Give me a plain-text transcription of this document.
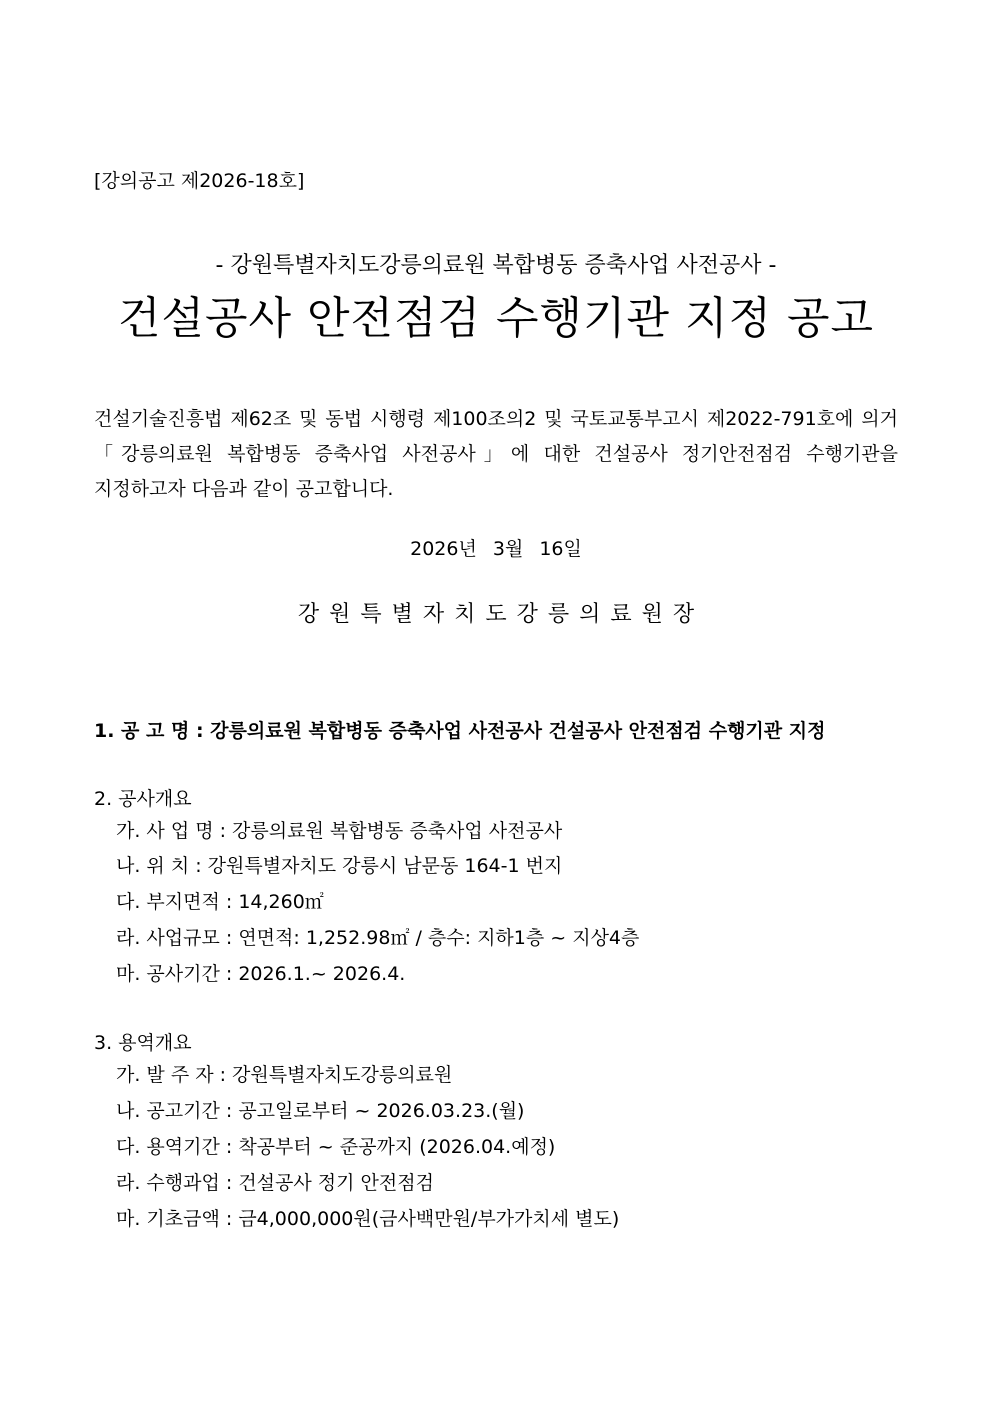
[강의공고 제2026-18호]
- 강원특별자치도강릉의료원 복합병동 증축사업 사전공사 -
건설공사 안전점검 수행기관 지정 공고
건설기술진흥법 제62조 및 동법 시행령 제100조의2 및 국토교통부고시 제2022-791호에 의거「강릉의료원 복합병동 증축사업 사전공사」에 대한 건설공사 정기안전점검 수행기관을 지정하고자 다음과 같이 공고합니다.
2026년 3월 16일
강원특별자치도강릉의료원장
1. 공 고 명 : 강릉의료원 복합병동 증축사업 사전공사 건설공사 안전점검 수행기관 지정
2. 공사개요
가. 사 업 명 : 강릉의료원 복합병동 증축사업 사전공사
나. 위 치 : 강원특별자치도 강릉시 남문동 164-1 번지
다. 부지면적 : 14,260㎡
라. 사업규모 : 연면적: 1,252.98㎡ / 층수: 지하1층 ~ 지상4층
마. 공사기간 : 2026.1.~ 2026.4.
3. 용역개요
가. 발 주 자 : 강원특별자치도강릉의료원
나. 공고기간 : 공고일로부터 ~ 2026.03.23.(월)
다. 용역기간 : 착공부터 ~ 준공까지 (2026.04.예정)
라. 수행과업 : 건설공사 정기 안전점검
마. 기초금액 : 금4,000,000원(금사백만원/부가가치세 별도)
